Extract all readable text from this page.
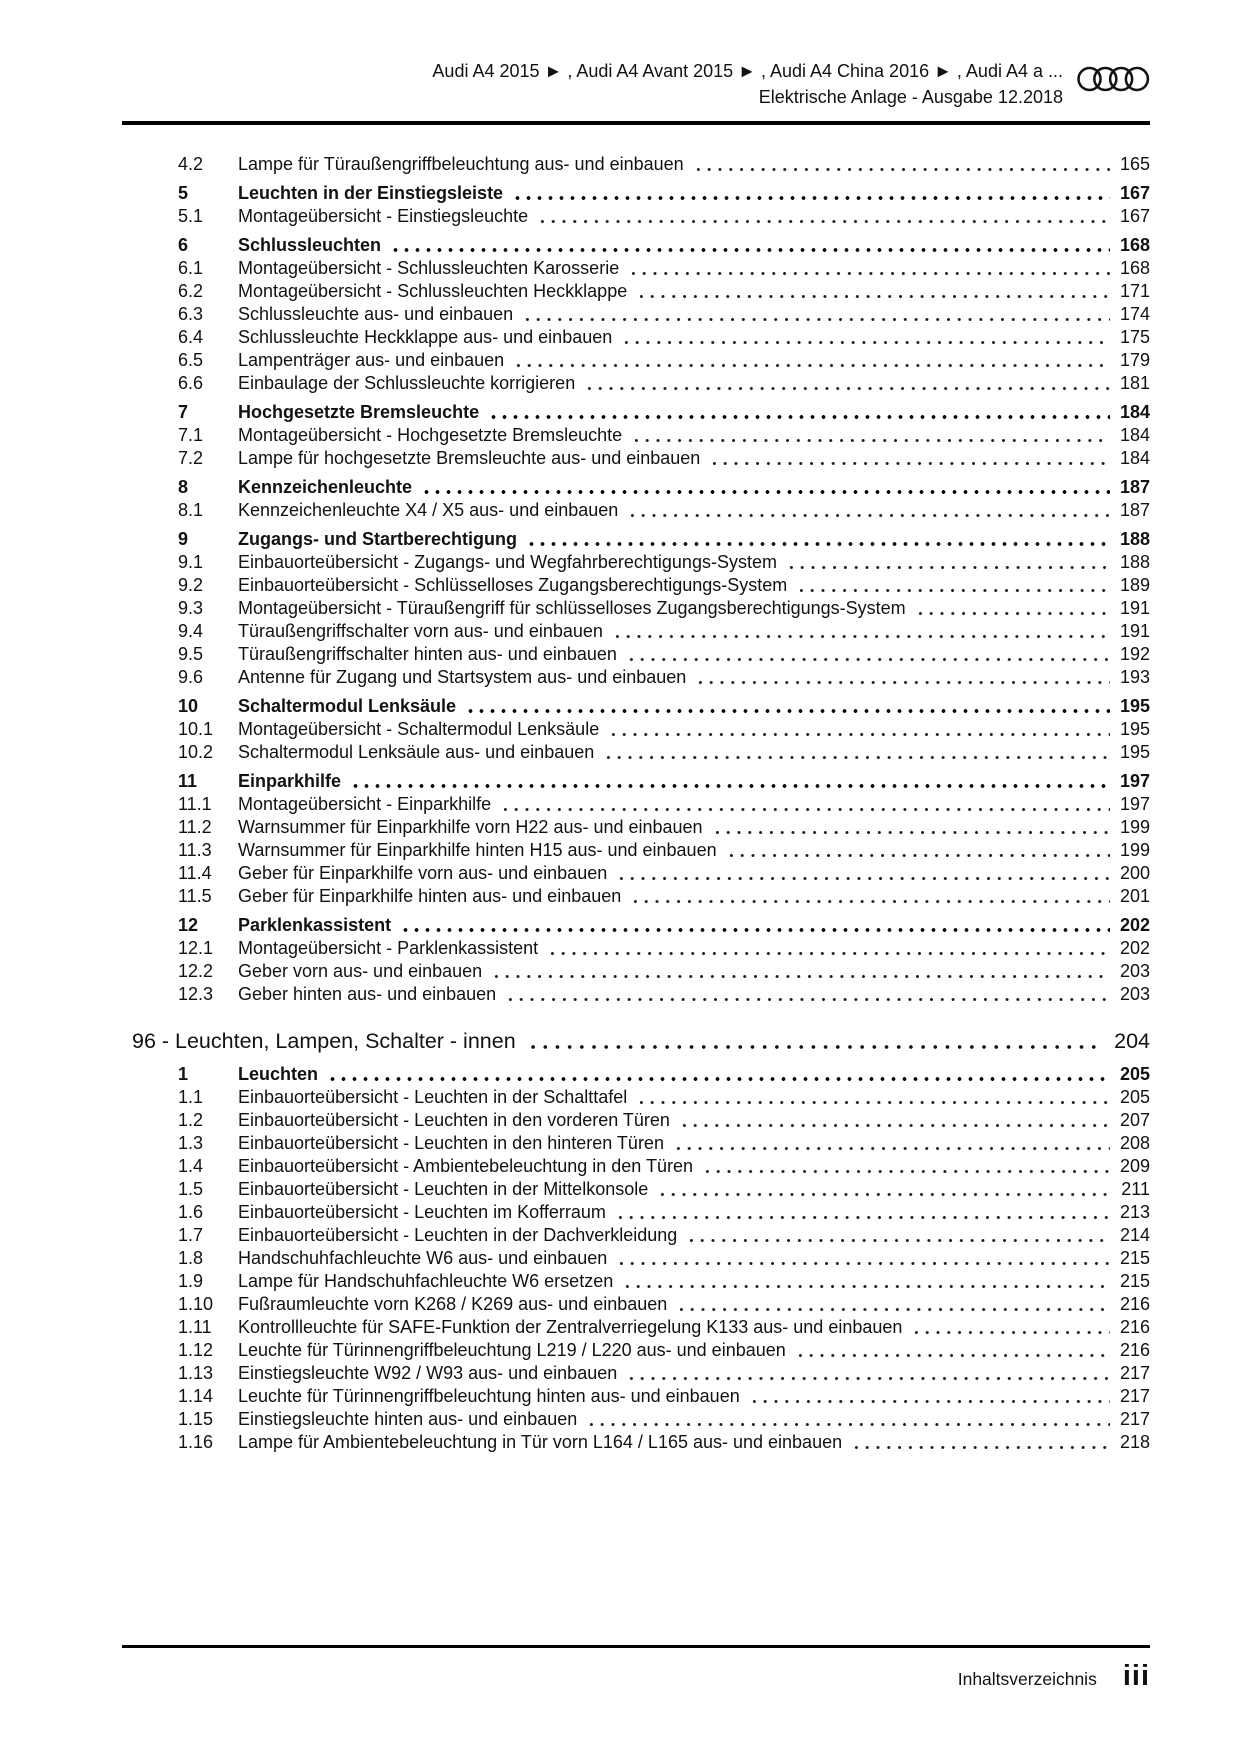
Audi A4 2015 ► , Audi A4 Avant 2015 ► , Audi A4 China 2016 ► , Audi A4 a ...
Elektrische Anlage - Ausgabe 12.2018
4.2	Lampe für Türaußengriffbeleuchtung aus- und einbauen	165
5	Leuchten in der Einstiegsleiste	167
5.1	Montageübersicht - Einstiegsleuchte	167
6	Schlussleuchten	168
6.1	Montageübersicht - Schlussleuchten Karosserie	168
6.2	Montageübersicht - Schlussleuchten Heckklappe	171
6.3	Schlussleuchte aus- und einbauen	174
6.4	Schlussleuchte Heckklappe aus- und einbauen	175
6.5	Lampenträger aus- und einbauen	179
6.6	Einbaulage der Schlussleuchte korrigieren	181
7	Hochgesetzte Bremsleuchte	184
7.1	Montageübersicht - Hochgesetzte Bremsleuchte	184
7.2	Lampe für hochgesetzte Bremsleuchte aus- und einbauen	184
8	Kennzeichenleuchte	187
8.1	Kennzeichenleuchte X4 / X5 aus- und einbauen	187
9	Zugangs- und Startberechtigung	188
9.1	Einbauorteübersicht - Zugangs- und Wegfahrberechtigungs-System	188
9.2	Einbauorteübersicht - Schlüsselloses Zugangsberechtigungs-System	189
9.3	Montageübersicht - Türaußengriff für schlüsselloses Zugangsberechtigungs-System	191
9.4	Türaußengriffschalter vorn aus- und einbauen	191
9.5	Türaußengriffschalter hinten aus- und einbauen	192
9.6	Antenne für Zugang und Startsystem aus- und einbauen	193
10	Schaltermodul Lenksäule	195
10.1	Montageübersicht - Schaltermodul Lenksäule	195
10.2	Schaltermodul Lenksäule aus- und einbauen	195
11	Einparkhilfe	197
11.1	Montageübersicht - Einparkhilfe	197
11.2	Warnsummer für Einparkhilfe vorn H22 aus- und einbauen	199
11.3	Warnsummer für Einparkhilfe hinten H15 aus- und einbauen	199
11.4	Geber für Einparkhilfe vorn aus- und einbauen	200
11.5	Geber für Einparkhilfe hinten aus- und einbauen	201
12	Parklenkassistent	202
12.1	Montageübersicht - Parklenkassistent	202
12.2	Geber vorn aus- und einbauen	203
12.3	Geber hinten aus- und einbauen	203
96 - Leuchten, Lampen, Schalter - innen	204
1	Leuchten	205
1.1	Einbauorteübersicht - Leuchten in der Schalttafel	205
1.2	Einbauorteübersicht - Leuchten in den vorderen Türen	207
1.3	Einbauorteübersicht - Leuchten in den hinteren Türen	208
1.4	Einbauorteübersicht - Ambientebeleuchtung in den Türen	209
1.5	Einbauorteübersicht - Leuchten in der Mittelkonsole	211
1.6	Einbauorteübersicht - Leuchten im Kofferraum	213
1.7	Einbauorteübersicht - Leuchten in der Dachverkleidung	214
1.8	Handschuhfachleuchte W6 aus- und einbauen	215
1.9	Lampe für Handschuhfachleuchte W6 ersetzen	215
1.10	Fußraumleuchte vorn K268 / K269 aus- und einbauen	216
1.11	Kontrollleuchte für SAFE-Funktion der Zentralverriegelung K133 aus- und einbauen	216
1.12	Leuchte für Türinnengriffbeleuchtung L219 / L220 aus- und einbauen	216
1.13	Einstiegsleuchte W92 / W93 aus- und einbauen	217
1.14	Leuchte für Türinnengriffbeleuchtung hinten aus- und einbauen	217
1.15	Einstiegsleuchte hinten aus- und einbauen	217
1.16	Lampe für Ambientebeleuchtung in Tür vorn L164 / L165 aus- und einbauen	218
Inhaltsverzeichnis iii
